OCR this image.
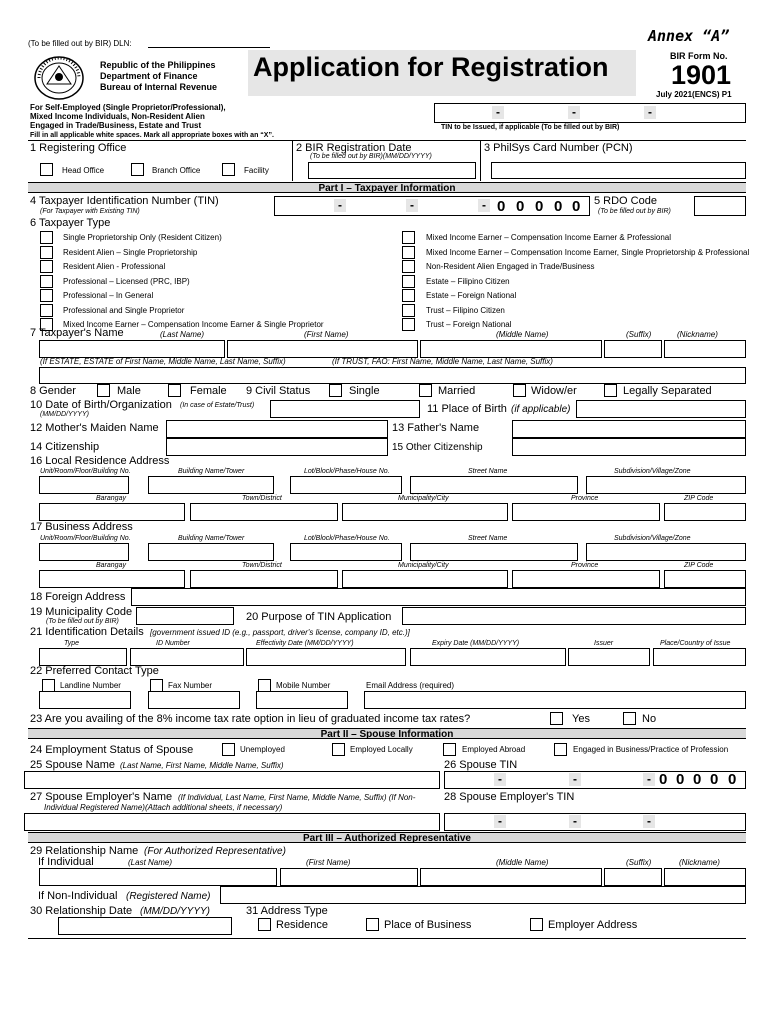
(To be filled out by BIR) DLN:	Annex “A”
Republic of the Philippines
Department of Finance
Bureau of Internal Revenue
Application for Registration	BIR Form No.
1901
July 2021(ENCS) P1
For Self-Employed (Single Proprietor/Professional),
Mixed Income Individuals, Non-Resident Alien
Engaged in Trade/Business, Estate and Trust
-	-	-
TIN to be Issued, if applicable (To be filled out by BIR)
Fill in all applicable white spaces. Mark all appropriate boxes with an “X”.
1 Registering Office
Head Office	Branch Office	Facility
2 BIR Registration Date
(To be filled out by BIR)(MM/DD/YYYY)
3 PhilSys Card Number (PCN)
Part I – Taxpayer Information
4 Taxpayer Identification Number (TIN)
(For Taxpayer with Existing TIN)	-	-	- 0 0 0 0 0 5 RDO Code
(To be filled out by BIR)
6 Taxpayer Type
Single Proprietorship Only (Resident Citizen)	Mixed Income Earner – Compensation Income Earner & Professional
Resident Alien – Single Proprietorship	Mixed Income Earner – Compensation Income Earner, Single Proprietorship & Professional
Resident Alien - Professional	Non-Resident Alien Engaged in Trade/Business
Professional – Licensed (PRC, IBP)	Estate – Filipino Citizen
Professional – In General	Estate – Foreign National
Professional and Single Proprietor	Trust – Filipino Citizen
Mixed Income Earner – Compensation Income Earner & Single Proprietor	Trust – Foreign National
7 Taxpayer's Name	(Last Name)	(First Name)	(Middle Name)	(Suffix)	(Nickname)
(If ESTATE, ESTATE of First Name, Middle Name, Last Name, Suffix)	(If TRUST, FAO: First Name, Middle Name, Last Name, Suffix)
8 Gender	Male	Female 9 Civil Status	Single	Married	Widow/er	Legally Separated
10 Date of Birth/Organization (In case of Estate/Trust)
(MM/DD/YYYY)	11 Place of Birth (if applicable)
12 Mother's Maiden Name	13 Father's Name
14 Citizenship	15 Other Citizenship
16 Local Residence Address
Unit/Room/Floor/Building No.	Building Name/Tower	Lot/Block/Phase/House No.	Street Name	Subdivision/Village/Zone
Barangay	Town/District	Municipality/City	Province	ZIP Code
17 Business Address
Unit/Room/Floor/Building No.	Building Name/Tower	Lot/Block/Phase/House No.	Street Name	Subdivision/Village/Zone
Barangay	Town/District	Municipality/City	Province	ZIP Code
18 Foreign Address
19 Municipality Code
(To be filled out by BIR)	20 Purpose of TIN Application
21 Identification Details [government issued ID (e.g., passport, driver's license, company ID, etc.)]
Type	ID Number	Effectivity Date (MM/DD/YYYY)	Expiry Date (MM/DD/YYYY)	Issuer	Place/Country of Issue
22 Preferred Contact Type
Landline Number	Fax Number	Mobile Number	Email Address (required)
23 Are you availing of the 8% income tax rate option in lieu of graduated income tax rates?	Yes	No
Part II – Spouse Information
24 Employment Status of Spouse	Unemployed	Employed Locally	Employed Abroad	Engaged in Business/Practice of Profession
25 Spouse Name (Last Name, First Name, Middle Name, Suffix)	26 Spouse TIN
-	-	- 0 0 0 0 0
27 Spouse Employer's Name (If Individual, Last Name, First Name, Middle Name, Suffix) (If Non-
Individual Registered Name)(Attach additional sheets, if necessary)
28 Spouse Employer's TIN
-	-	-
Part III – Authorized Representative
29 Relationship Name (For Authorized Representative)
If Individual	(Last Name)	(First Name)	(Middle Name)	(Suffix)	(Nickname)
If Non-Individual (Registered Name)
30 Relationship Date (MM/DD/YYYY)	31 Address Type
Residence	Place of Business	Employer Address
